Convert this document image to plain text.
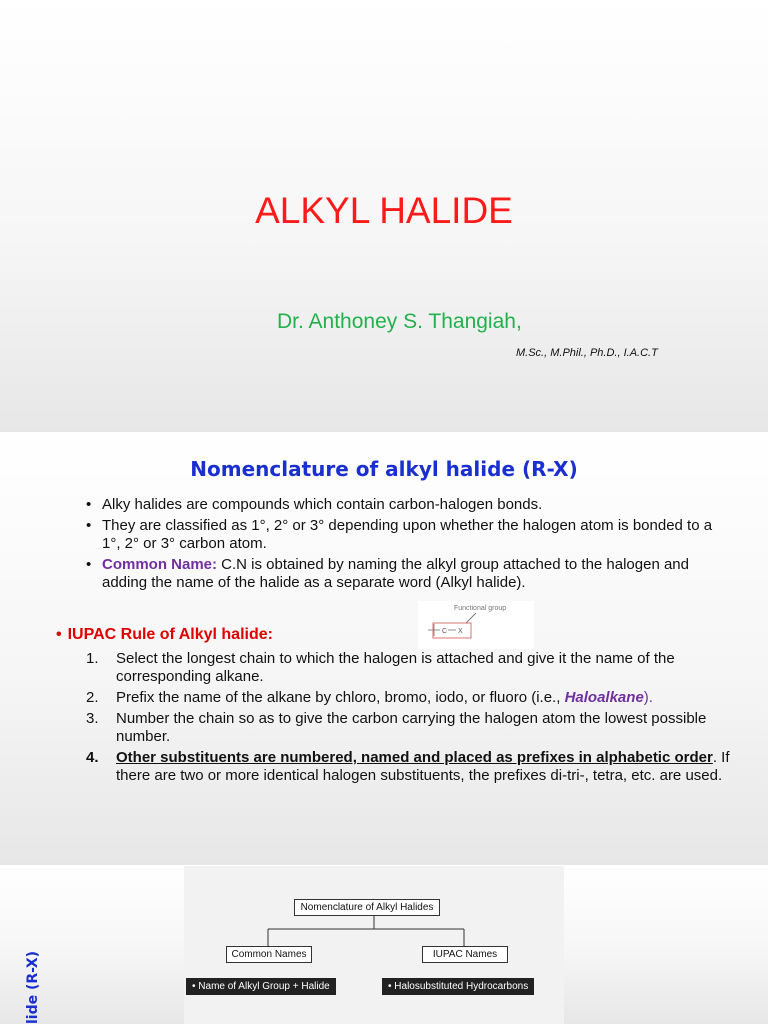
ALKYL HALIDE
Dr. Anthoney S. Thangiah,
M.Sc., M.Phil., Ph.D., I.A.C.T
Nomenclature of alkyl halide (R-X)
• Alky halides are compounds which contain carbon-halogen bonds.
• They are classified as 1°, 2° or 3° depending upon whether the halogen atom is bonded to a 1°, 2° or 3° carbon atom.
• Common Name: C.N is obtained by naming the alkyl group attached to the halogen and adding the name of the halide as a separate word (Alkyl halide).
Functional group
C X
• IUPAC Rule of Alkyl halide:
1. Select the longest chain to which the halogen is attached and give it the name of the corresponding alkane.
2. Prefix the name of the alkane by chloro, bromo, iodo, or fluoro (i.e., Haloalkane).
3. Number the chain so as to give the carbon carrying the halogen atom the lowest possible number.
4. Other substituents are numbered, named and placed as prefixes in alphabetic order. If there are two or more identical halogen substituents, the prefixes di-tri-, tetra, etc. are used.
lide (R-X)
Nomenclature of Alkyl Halides
Common Names	IUPAC Names
• Name of Alkyl Group + Halide	• Halosubstituted Hydrocarbons
